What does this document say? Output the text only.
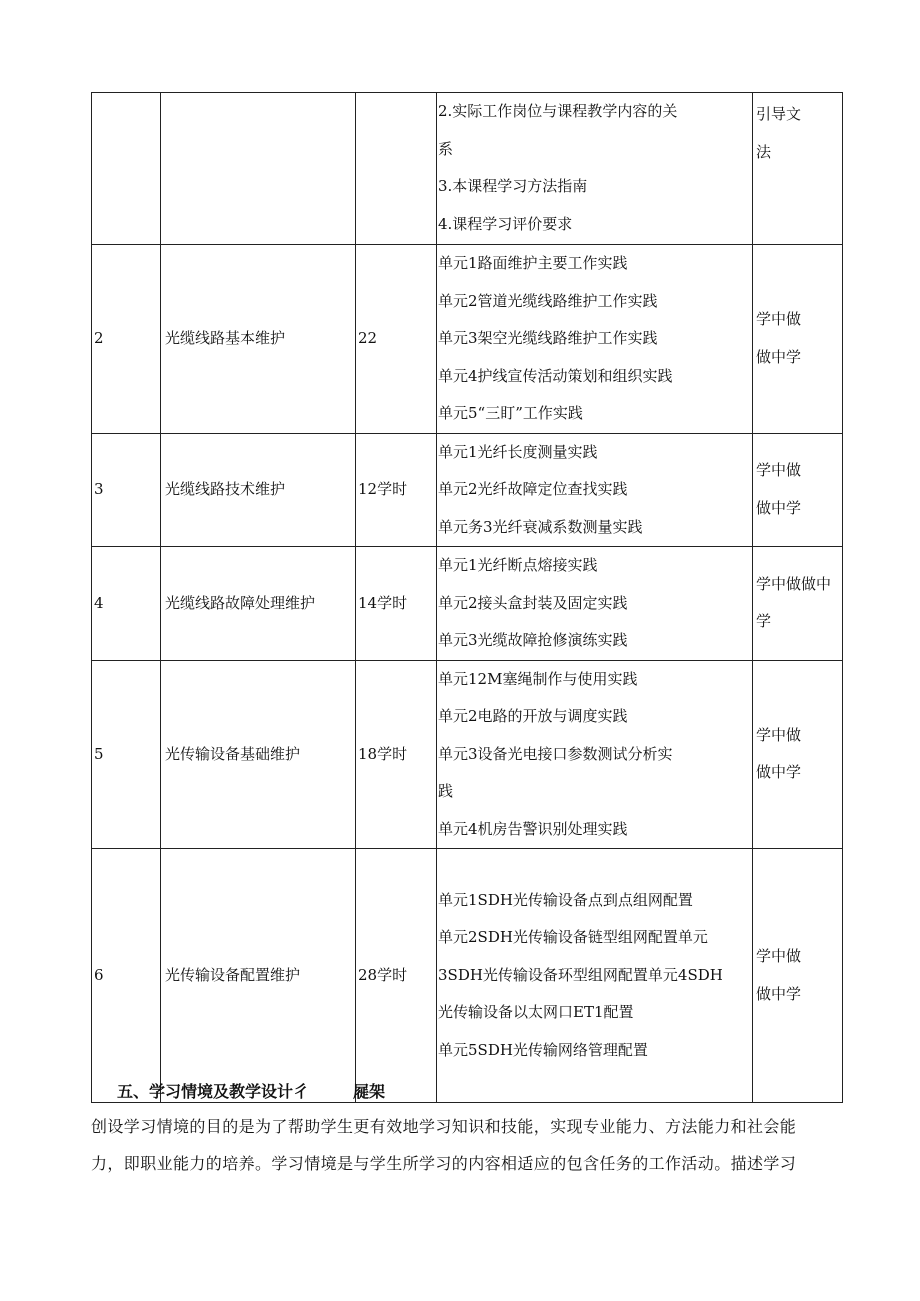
			2.实际工作岗位与课程教学内容的关
系
3.本课程学习方法指南
4.课程学习评价要求	引导文
法

2	光缆线路基本维护	22	单元1路面维护主要工作实践
单元2管道光缆线路维护工作实践
单元3架空光缆线路维护工作实践
单元4护线宣传活动策划和组织实践
单元5“三盯”工作实践	学中做
做中学

3	光缆线路技术维护	12学时	单元1光纤长度测量实践
单元2光纤故障定位查找实践
单元务3光纤衰减系数测量实践	学中做
做中学

4	光缆线路故障处理维护	14学时	单元1光纤断点熔接实践
单元2接头盒封装及固定实践
单元3光缆故障抢修演练实践	学中做做中
学

5	光传输设备基础维护	18学时	单元12M塞绳制作与使用实践
单元2电路的开放与调度实践
单元3设备光电接口参数测试分析实
践
单元4机房告警识别处理实践	学中做
做中学

6	光传输设备配置维护	28学时	单元1SDH光传输设备点到点组网配置
单元2SDH光传输设备链型组网配置单元
3SDH光传输设备环型组网配置单元4SDH
光传输设备以太网口ET1配置
单元5SDH光传输网络管理配置	学中做
做中学
五、学习情境及教学设计彳	屣架
创设学习情境的目的是为了帮助学生更有效地学习知识和技能，实现专业能力、方法能力和社会能
力，即职业能力的培养。学习情境是与学生所学习的内容相适应的包含任务的工作活动。描述学习
